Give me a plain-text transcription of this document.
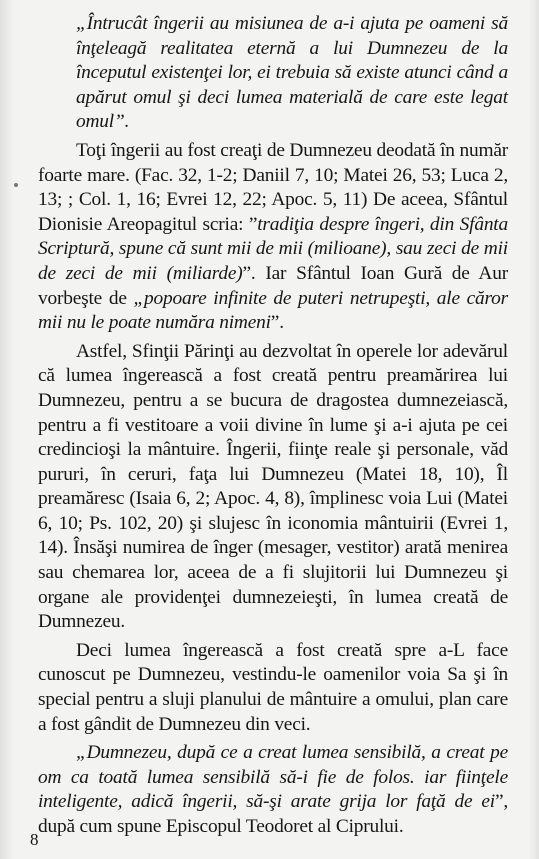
„Întrucât îngerii au misiunea de a-i ajuta pe oameni să înţeleagă realitatea eternă a lui Dumnezeu de la începutul existenţei lor, ei trebuia să existe atunci când a apărut omul şi deci lumea materială de care este legat omul”.

Toţi îngerii au fost creaţi de Dumnezeu deodată în număr foarte mare. (Fac. 32, 1-2; Daniil 7, 10; Matei 26, 53; Luca 2, 13; ; Col. 1, 16; Evrei 12, 22; Apoc. 5, 11) De aceea, Sfântul Dionisie Areopagitul scria: ”tradiţia despre îngeri, din Sfânta Scriptură, spune că sunt mii de mii (milioane), sau zeci de mii de zeci de mii (miliarde)”. Iar Sfântul Ioan Gură de Aur vorbeşte de „popoare infinite de puteri netrupeşti, ale căror mii nu le poate număra nimeni”.

Astfel, Sfinţii Părinţi au dezvoltat în operele lor adevărul că lumea îngerească a fost creată pentru preamărirea lui Dumnezeu, pentru a se bucura de dragostea dumnezeiască, pentru a fi vestitoare a voii divine în lume şi a-i ajuta pe cei credincioşi la mântuire. Îngerii, fiinţe reale şi personale, văd pururi, în ceruri, faţa lui Dumnezeu (Matei 18, 10), Îl preamăresc (Isaia 6, 2; Apoc. 4, 8), împlinesc voia Lui (Matei 6, 10; Ps. 102, 20) şi slujesc în iconomia mântuirii (Evrei 1, 14). Însăşi numirea de înger (mesager, vestitor) arată menirea sau chemarea lor, aceea de a fi slujitorii lui Dumnezeu şi organe ale providenţei dumnezeieşti, în lumea creată de Dumnezeu.

Deci lumea îngerească a fost creată spre a-L face cunoscut pe Dumnezeu, vestindu-le oamenilor voia Sa şi în special pentru a sluji planului de mântuire a omului, plan care a fost gândit de Dumnezeu din veci.

„Dumnezeu, după ce a creat lumea sensibilă, a creat pe om ca toată lumea sensibilă să-i fie de folos. iar fiinţele inteligente, adică îngerii, să-şi arate grija lor faţă de ei”, după cum spune Episcopul Teodoret al Ciprului.

8
